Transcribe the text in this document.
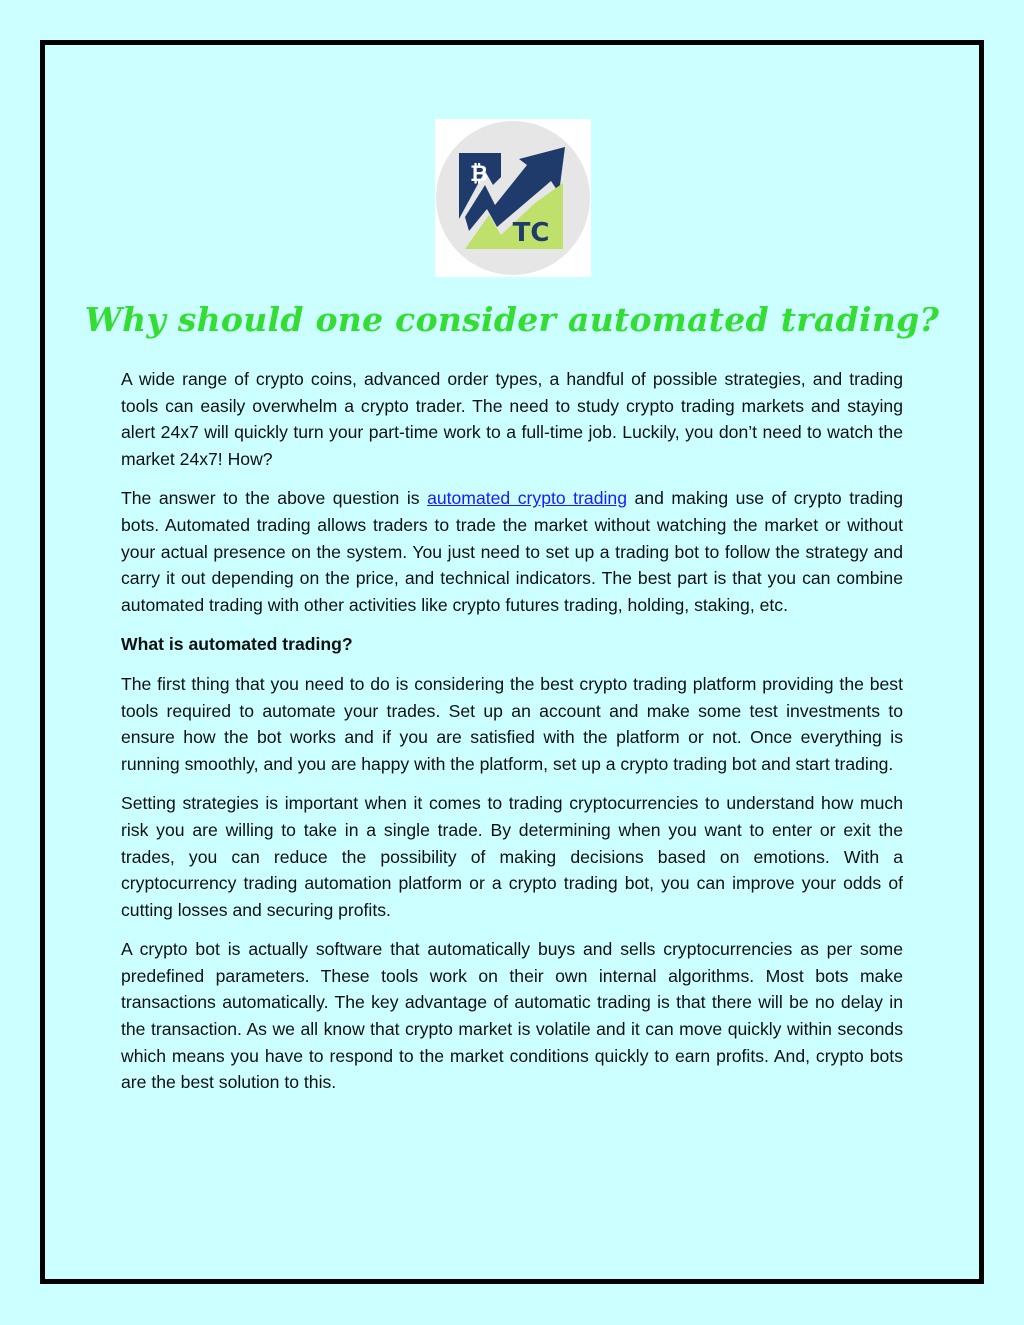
₿
TC
Why should one consider automated trading?

A wide range of crypto coins, advanced order types, a handful of possible strategies, and trading tools can easily overwhelm a crypto trader. The need to study crypto trading markets and staying alert 24x7 will quickly turn your part-time work to a full-time job. Luckily, you don’t need to watch the market 24x7! How?

The answer to the above question is automated crypto trading and making use of crypto trading bots. Automated trading allows traders to trade the market without watching the market or without your actual presence on the system. You just need to set up a trading bot to follow the strategy and carry it out depending on the price, and technical indicators. The best part is that you can combine automated trading with other activities like crypto futures trading, holding, staking, etc.

What is automated trading?

The first thing that you need to do is considering the best crypto trading platform providing the best tools required to automate your trades. Set up an account and make some test investments to ensure how the bot works and if you are satisfied with the platform or not. Once everything is running smoothly, and you are happy with the platform, set up a crypto trading bot and start trading.

Setting strategies is important when it comes to trading cryptocurrencies to understand how much risk you are willing to take in a single trade. By determining when you want to enter or exit the trades, you can reduce the possibility of making decisions based on emotions. With a cryptocurrency trading automation platform or a crypto trading bot, you can improve your odds of cutting losses and securing profits.

A crypto bot is actually software that automatically buys and sells cryptocurrencies as per some predefined parameters. These tools work on their own internal algorithms. Most bots make transactions automatically. The key advantage of automatic trading is that there will be no delay in the transaction. As we all know that crypto market is volatile and it can move quickly within seconds which means you have to respond to the market conditions quickly to earn profits. And, crypto bots are the best solution to this.
